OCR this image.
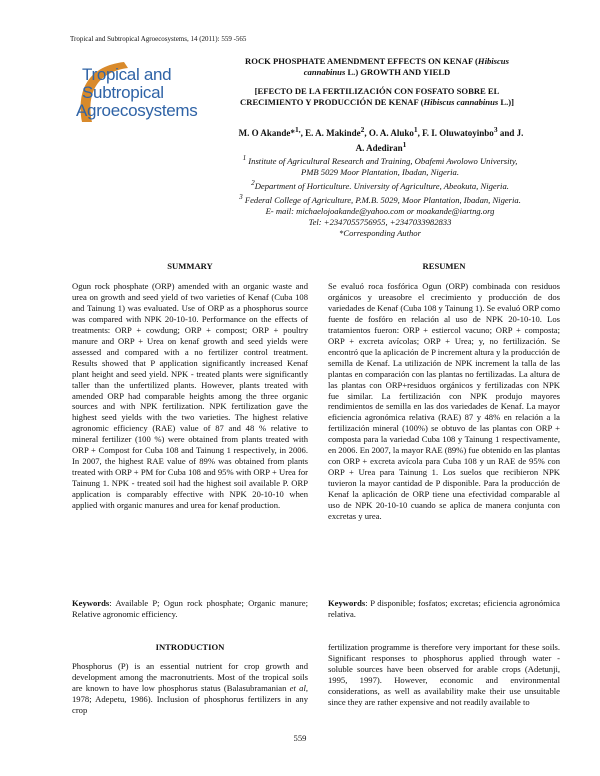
Tropical and Subtropical Agroecosystems, 14 (2011): 559 -565
Tropical and
Subtropical
Agroecosystems

ROCK PHOSPHATE AMENDMENT EFFECTS ON KENAF (Hibiscus cannabinus L.) GROWTH AND YIELD

[EFECTO DE LA FERTILIZACIÓN CON FOSFATO SOBRE EL CRECIMIENTO Y PRODUCCIÓN DE KENAF (Hibiscus cannabinus L.)]

M. O Akande*$^{1,}$, E. A. Makinde$^2$, O. A. Aluko$^1$, F. I. Oluwatoyinbo$^3$ and J. A. Adediran$^1$

$^1$ Institute of Agricultural Research and Training, Obafemi Awolowo University,

PMB 5029 Moor Plantation, Ibadan, Nigeria.

$^2$Department of Horticulture. University of Agriculture, Abeokuta, Nigeria.

$^3$ Federal College of Agriculture, P.M.B. 5029, Moor Plantation, Ibadan, Nigeria.

E- mail: michaelojoakande@yahoo.com or moakande@iartng.org

Tel: +2347055756955, +2347033982833

*Corresponding Author

SUMMARY

Ogun rock phosphate (ORP) amended with an organic waste and urea on growth and seed yield of two varieties of Kenaf (Cuba 108 and Tainung 1) was evaluated. Use of ORP as a phosphorus source was compared with NPK 20-10-10. Performance on the effects of treatments: ORP + cowdung; ORP + compost; ORP + poultry manure and ORP + Urea on kenaf growth and seed yields were assessed and compared with a no fertilizer control treatment. Results showed that P application significantly increased Kenaf plant height and seed yield. NPK - treated plants were significantly taller than the unfertilized plants. However, plants treated with amended ORP had comparable heights among the three organic sources and with NPK fertilization. NPK fertilization gave the highest seed yields with the two varieties. The highest relative agronomic efficiency (RAE) value of 87 and 48 % relative to mineral fertilizer (100 %) were obtained from plants treated with ORP + Compost for Cuba 108 and Tainung 1 respectively, in 2006. In 2007, the highest RAE value of 89% was obtained from plants treated with ORP + PM for Cuba 108 and 95% with ORP + Urea for Tainung 1. NPK - treated soil had the highest soil available P. ORP application is comparably effective with NPK 20-10-10 when applied with organic manures and urea for kenaf production.

Keywords: Available P; Ogun rock phosphate; Organic manure; Relative agronomic efficiency.
RESUMEN

Se evaluó roca fosfórica Ogun (ORP) combinada con residuos orgánicos y ureasobre el crecimiento y producción de dos variedades de Kenaf (Cuba 108 y Tainung 1). Se evaluó ORP como fuente de fosfóro en relación al uso de NPK 20-10-10. Los tratamientos fueron: ORP + estiercol vacuno; ORP + composta; ORP + excreta avícolas; ORP + Urea; y, no fertilización. Se encontró que la aplicación de P increment altura y la producción de semilla de Kenaf. La utilización de NPK increment la talla de las plantas en comparación con las plantas no fertilizadas. La altura de las plantas con ORP+residuos orgánicos y fertilizadas con NPK fue similar. La fertilización con NPK produjo mayores rendimientos de semilla en las dos variedades de Kenaf. La mayor eficiencia agronómica relativa (RAE) 87 y 48% en relación a la fertilización mineral (100%) se obtuvo de las plantas con ORP + composta para la variedad Cuba 108 y Tainung 1 respectivamente, en 2006. En 2007, la mayor RAE (89%) fue obtenido en las plantas con ORP + excreta avícola para Cuba 108 y un RAE de 95% con ORP + Urea para Tainung 1. Los suelos que recibieron NPK tuvieron la mayor cantidad de P disponible. Para la producción de Kenaf la aplicación de ORP tiene una efectividad comparable al uso de NPK 20-10-10 cuando se aplica de manera conjunta con excretas y urea.

Keywords: P disponible; fosfatos; excretas; eficiencia agronómica relativa.
INTRODUCTION

Phosphorus (P) is an essential nutrient for crop growth and development among the macronutrients. Most of the tropical soils are known to have low phosphorus status (Balasubramanian et al, 1978; Adepetu, 1986). Inclusion of phosphorus fertilizers in any crop

fertilization programme is therefore very important for these soils. Significant responses to phosphorus applied through water - soluble sources have been observed for arable crops (Adetunji, 1995, 1997). However, economic and environmental considerations, as well as availability make their use unsuitable since they are rather expensive and not readily available to

559
